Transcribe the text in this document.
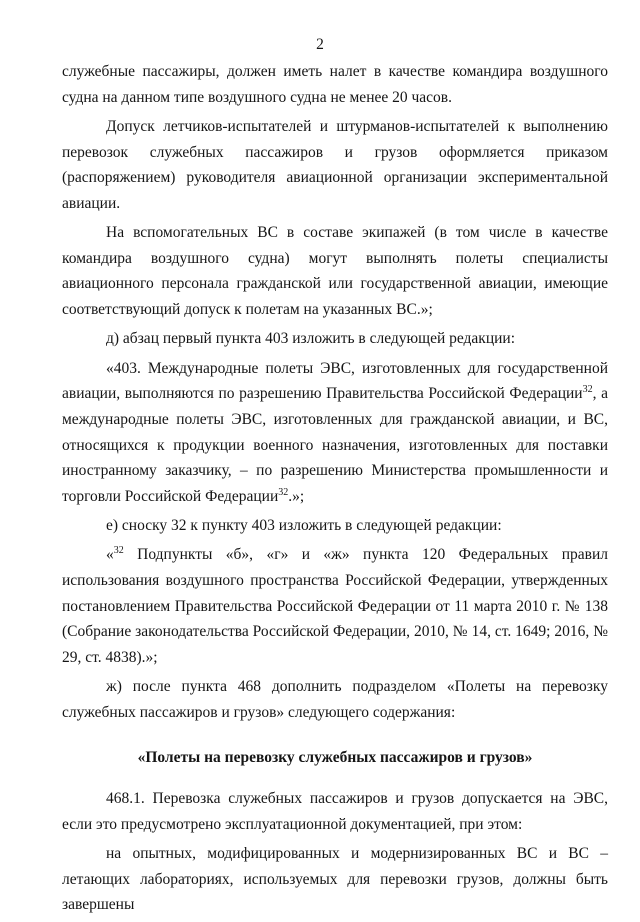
2

служебные пассажиры, должен иметь налет в качестве командира воздушного судна на данном типе воздушного судна не менее 20 часов.

Допуск летчиков-испытателей и штурманов-испытателей к выполнению перевозок служебных пассажиров и грузов оформляется приказом (распоряжением) руководителя авиационной организации экспериментальной авиации.

На вспомогательных ВС в составе экипажей (в том числе в качестве командира воздушного судна) могут выполнять полеты специалисты авиационного персонала гражданской или государственной авиации, имеющие соответствующий допуск к полетам на указанных ВС.»;

д) абзац первый пункта 403 изложить в следующей редакции:

«403. Международные полеты ЭВС, изготовленных для государственной авиации, выполняются по разрешению Правительства Российской Федерации$^{32}$, а международные полеты ЭВС, изготовленных для гражданской авиации, и ВС, относящихся к продукции военного назначения, изготовленных для поставки иностранному заказчику, – по разрешению Министерства промышленности и торговли Российской Федерации$^{32}$.»;

е) сноску 32 к пункту 403 изложить в следующей редакции:

«$^{32}$ Подпункты «б», «г» и «ж» пункта 120 Федеральных правил использования воздушного пространства Российской Федерации, утвержденных постановлением Правительства Российской Федерации от 11 марта 2010 г. № 138 (Собрание законодательства Российской Федерации, 2010, № 14, ст. 1649; 2016, № 29, ст. 4838).»;

ж) после пункта 468 дополнить подразделом «Полеты на перевозку служебных пассажиров и грузов» следующего содержания:

«Полеты на перевозку служебных пассажиров и грузов»

468.1. Перевозка служебных пассажиров и грузов допускается на ЭВС, если это предусмотрено эксплуатационной документацией, при этом:

на опытных, модифицированных и модернизированных ВС и ВС – летающих лабораториях, используемых для перевозки грузов, должны быть завершены
